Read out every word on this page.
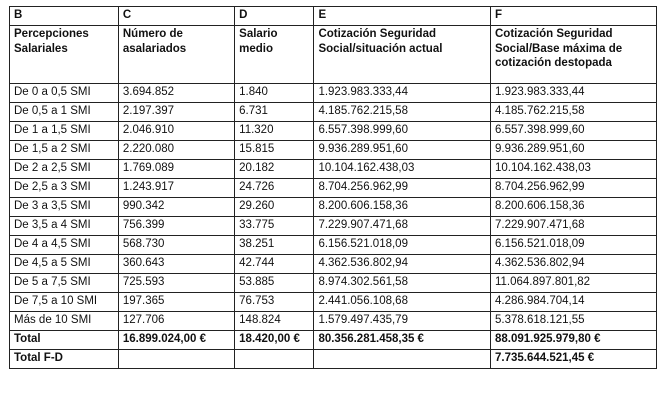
B	C	D	E	F
Percepciones Salariales	Número de asalariados	Salario medio	Cotización Seguridad Social/situación actual	Cotización Seguridad Social/Base máxima de cotización destopada
De 0 a 0,5 SMI	3.694.852	1.840	1.923.983.333,44	1.923.983.333,44
De 0,5 a 1 SMI	2.197.397	6.731	4.185.762.215,58	4.185.762.215,58
De 1 a 1,5 SMI	2.046.910	11.320	6.557.398.999,60	6.557.398.999,60
De 1,5 a 2 SMI	2.220.080	15.815	9.936.289.951,60	9.936.289.951,60
De 2 a 2,5 SMI	1.769.089	20.182	10.104.162.438,03	10.104.162.438,03
De 2,5 a 3 SMI	1.243.917	24.726	8.704.256.962,99	8.704.256.962,99
De 3 a 3,5 SMI	990.342	29.260	8.200.606.158,36	8.200.606.158,36
De 3,5 a 4 SMI	756.399	33.775	7.229.907.471,68	7.229.907.471,68
De 4 a 4,5 SMI	568.730	38.251	6.156.521.018,09	6.156.521.018,09
De 4,5 a 5 SMI	360.643	42.744	4.362.536.802,94	4.362.536.802,94
De 5 a 7,5 SMI	725.593	53.885	8.974.302.561,58	11.064.897.801,82
De 7,5 a 10 SMI	197.365	76.753	2.441.056.108,68	4.286.984.704,14
Más de 10 SMI	127.706	148.824	1.579.497.435,79	5.378.618.121,55
Total	16.899.024,00 €	18.420,00 €	80.356.281.458,35 €	88.091.925.979,80 €
Total F-D				7.735.644.521,45 €
